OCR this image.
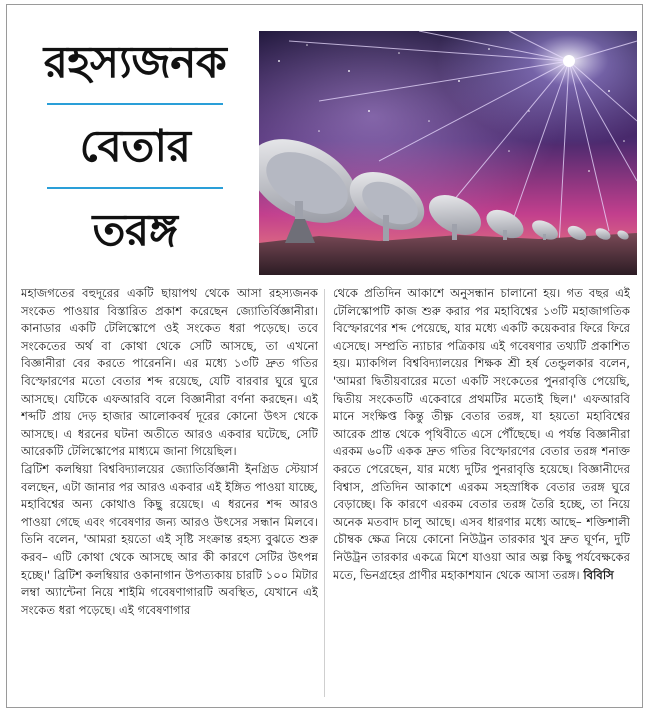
রহস্যজনক
বেতার
তরঙ্গ

মহাজগতের বহুদূরের একটি ছায়াপথ থেকে আসা রহস্যজনক সংকেত পাওয়ার বিস্তারিত প্রকাশ করেছেন জ্যোতির্বিজ্ঞানীরা। কানাডার একটি টেলিস্কোপে ওই সংকেত ধরা পড়েছে। তবে সংকেতের অর্থ বা কোথা থেকে সেটি আসছে, তা এখনো বিজ্ঞানীরা বের করতে পারেননি। এর মধ্যে ১৩টি দ্রুত গতির বিস্ফোরণের মতো বেতার শব্দ রয়েছে, যেটি বারবার ঘুরে ঘুরে আসছে। যেটিকে এফআরবি বলে বিজ্ঞানীরা বর্ণনা করছেন। এই শব্দটি প্রায় দেড় হাজার আলোকবর্ষ দূরের কোনো উৎস থেকে আসছে। এ ধরনের ঘটনা অতীতে আরও একবার ঘটেছে, সেটি আরেকটি টেলিস্কোপের মাধ্যমে জানা গিয়েছিল।

ব্রিটিশ কলম্বিয়া বিশ্ববিদ্যালয়ের জ্যোতির্বিজ্ঞানী ইনগ্রিড স্টেয়ার্স বলছেন, এটা জানার পর আরও একবার এই ইঙ্গিত পাওয়া যাচ্ছে, মহাবিশ্বের অন্য কোথাও কিছু রয়েছে। এ ধরনের শব্দ আরও পাওয়া গেছে এবং গবেষণার জন্য আরও উৎসের সন্ধান মিলবে। তিনি বলেন, 'আমরা হয়তো এই সৃষ্টি সংক্রান্ত রহস্য বুঝতে শুরু করব– এটি কোথা থেকে আসছে আর কী কারণে সেটির উৎপন্ন হচ্ছে।' ব্রিটিশ কলম্বিয়ার ওকানাগান উপত্যকায় চারটি ১০০ মিটার লম্বা অ্যান্টেনা নিয়ে শাইমি গবেষণাগারটি অবস্থিত, যেখানে এই সংকেত ধরা পড়েছে। এই গবেষণাগার

থেকে প্রতিদিন আকাশে অনুসন্ধান চালানো হয়। গত বছর এই টেলিস্কোপটি কাজ শুরু করার পর মহাবিশ্বের ১৩টি মহাজাগতিক বিস্ফোরণের শব্দ পেয়েছে, যার মধ্যে একটি কয়েকবার ফিরে ফিরে এসেছে। সম্প্রতি ন্যাচার পত্রিকায় এই গবেষণার তথ্যটি প্রকাশিত হয়। ম্যাকগিল বিশ্ববিদ্যালয়ের শিক্ষক শ্রী হর্ষ তেন্ডুলকার বলেন, 'আমরা দ্বিতীয়বারের মতো একটি সংকেতের পুনরাবৃত্তি পেয়েছি, দ্বিতীয় সংকেতটি একেবারে প্রথমটির মতোই ছিল।' এফআরবি মানে সংক্ষিপ্ত কিন্তু তীক্ষ্ণ বেতার তরঙ্গ, যা হয়তো মহাবিশ্বের আরেক প্রান্ত থেকে পৃথিবীতে এসে পৌঁছেছে। এ পর্যন্ত বিজ্ঞানীরা এরকম ৬০টি একক দ্রুত গতির বিস্ফোরণের বেতার তরঙ্গ শনাক্ত করতে পেরেছেন, যার মধ্যে দুটির পুনরাবৃত্তি হয়েছে। বিজ্ঞানীদের বিশ্বাস, প্রতিদিন আকাশে এরকম সহস্রাধিক বেতার তরঙ্গ ঘুরে বেড়াচ্ছে। কি কারণে এরকম বেতার তরঙ্গ তৈরি হচ্ছে, তা নিয়ে অনেক মতবাদ চালু আছে। এসব ধারণার মধ্যে আছে– শক্তিশালী চৌম্বক ক্ষেত্র নিয়ে কোনো নিউট্রন তারকার খুব দ্রুত ঘূর্ণন, দুটি নিউট্রন তারকার একত্রে মিশে যাওয়া আর অল্প কিছু পর্যবেক্ষকের মতে, ভিনগ্রহের প্রাণীর মহাকাশযান থেকে আসা তরঙ্গ। বিবিসি
